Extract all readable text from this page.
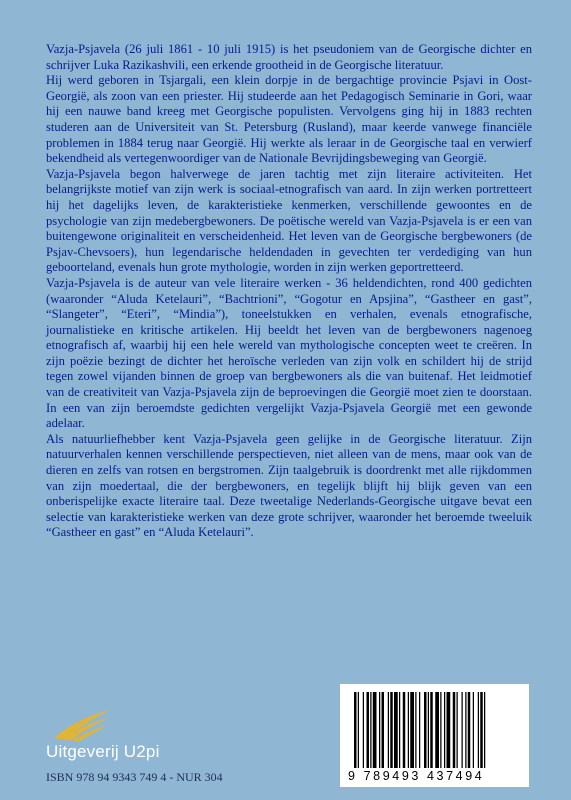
Vazja-Psjavela (26 juli 1861 - 10 juli 1915) is het pseudoniem van de Georgische dichter en schrijver Luka Razikashvili, een erkende grootheid in de Georgische literatuur.

Hij werd geboren in Tsjargali, een klein dorpje in de bergachtige provincie Psjavi in Oost-Georgië, als zoon van een priester. Hij studeerde aan het Pedagogisch Seminarie in Gori, waar hij een nauwe band kreeg met Georgische populisten. Vervolgens ging hij in 1883 rechten studeren aan de Universiteit van St. Petersburg (Rusland), maar keerde vanwege financiële problemen in 1884 terug naar Georgië. Hij werkte als leraar in de Georgische taal en verwierf bekendheid als vertegenwoordiger van de Nationale Bevrijdingsbeweging van Georgië.

Vazja-Psjavela begon halverwege de jaren tachtig met zijn literaire activiteiten. Het belangrijkste motief van zijn werk is sociaal-etnografisch van aard. In zijn werken portretteert hij het dagelijks leven, de karakteristieke kenmerken, verschillende gewoontes en de psychologie van zijn medebergbewoners. De poëtische wereld van Vazja-Psjavela is er een van buitengewone originaliteit en verscheidenheid. Het leven van de Georgische bergbewoners (de Psjav-Chevsoers), hun legendarische heldendaden in gevechten ter verdediging van hun geboorteland, evenals hun grote mythologie, worden in zijn werken geportretteerd.

Vazja-Psjavela is de auteur van vele literaire werken - 36 heldendichten, rond 400 gedichten (waaronder “Aluda Ketelauri”, “Bachtrioni”, “Gogotur en Apsjina”, “Gastheer en gast”, “Slangeter”, “Eteri”, “Mindia”), toneelstukken en verhalen, evenals etnografische, journalistieke en kritische artikelen. Hij beeldt het leven van de bergbewoners nagenoeg etnografisch af, waarbij hij een hele wereld van mythologische concepten weet te creëren. In zijn poëzie bezingt de dichter het heroïsche verleden van zijn volk en schildert hij de strijd tegen zowel vijanden binnen de groep van bergbewoners als die van buitenaf. Het leidmotief van de creativiteit van Vazja-Psjavela zijn de beproevingen die Georgië moet zien te doorstaan. In een van zijn beroemdste gedichten vergelijkt Vazja-Psjavela Georgië met een gewonde adelaar.

Als natuurliefhebber kent Vazja-Psjavela geen gelijke in de Georgische literatuur. Zijn natuurverhalen kennen verschillende perspectieven, niet alleen van de mens, maar ook van de dieren en zelfs van rotsen en bergstromen. Zijn taalgebruik is doordrenkt met alle rijkdommen van zijn moedertaal, die der bergbewoners, en tegelijk blijft hij blijk geven van een onberispelijke exacte literaire taal. Deze tweetalige Nederlands-Georgische uitgave bevat een selectie van karakteristieke werken van deze grote schrijver, waaronder het beroemde tweeluik “Gastheer en gast” en “Aluda Ketelauri”.

Uitgeverij U2pi
ISBN 978 94 9343 749 4 - NUR 304	9 789493 437494
